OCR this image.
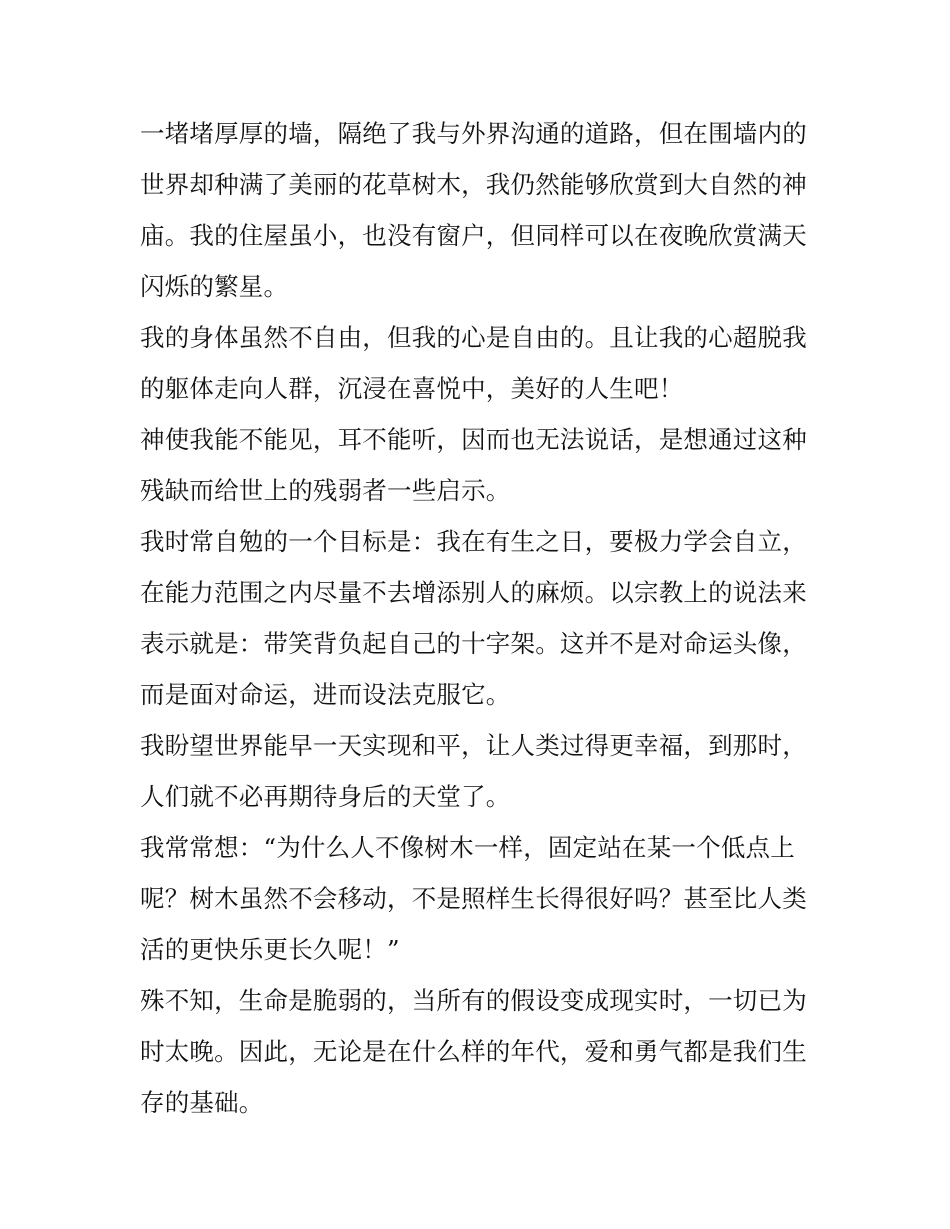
一堵堵厚厚的墙，隔绝了我与外界沟通的道路，但在围墙内的
世界却种满了美丽的花草树木，我仍然能够欣赏到大自然的神
庙。我的住屋虽小，也没有窗户，但同样可以在夜晚欣赏满天
闪烁的繁星。

我的身体虽然不自由，但我的心是自由的。且让我的心超脱我
的躯体走向人群，沉浸在喜悦中，美好的人生吧！

神使我能不能见，耳不能听，因而也无法说话，是想通过这种
残缺而给世上的残弱者一些启示。

我时常自勉的一个目标是：我在有生之日，要极力学会自立，
在能力范围之内尽量不去增添别人的麻烦。以宗教上的说法来
表示就是：带笑背负起自己的十字架。这并不是对命运头像，
而是面对命运，进而设法克服它。

我盼望世界能早一天实现和平，让人类过得更幸福，到那时，
人们就不必再期待身后的天堂了。

我常常想：“为什么人不像树木一样，固定站在某一个低点上
呢？树木虽然不会移动，不是照样生长得很好吗？甚至比人类
活的更快乐更长久呢！”

殊不知，生命是脆弱的，当所有的假设变成现实时，一切已为
时太晚。因此，无论是在什么样的年代，爱和勇气都是我们生
存的基础。
